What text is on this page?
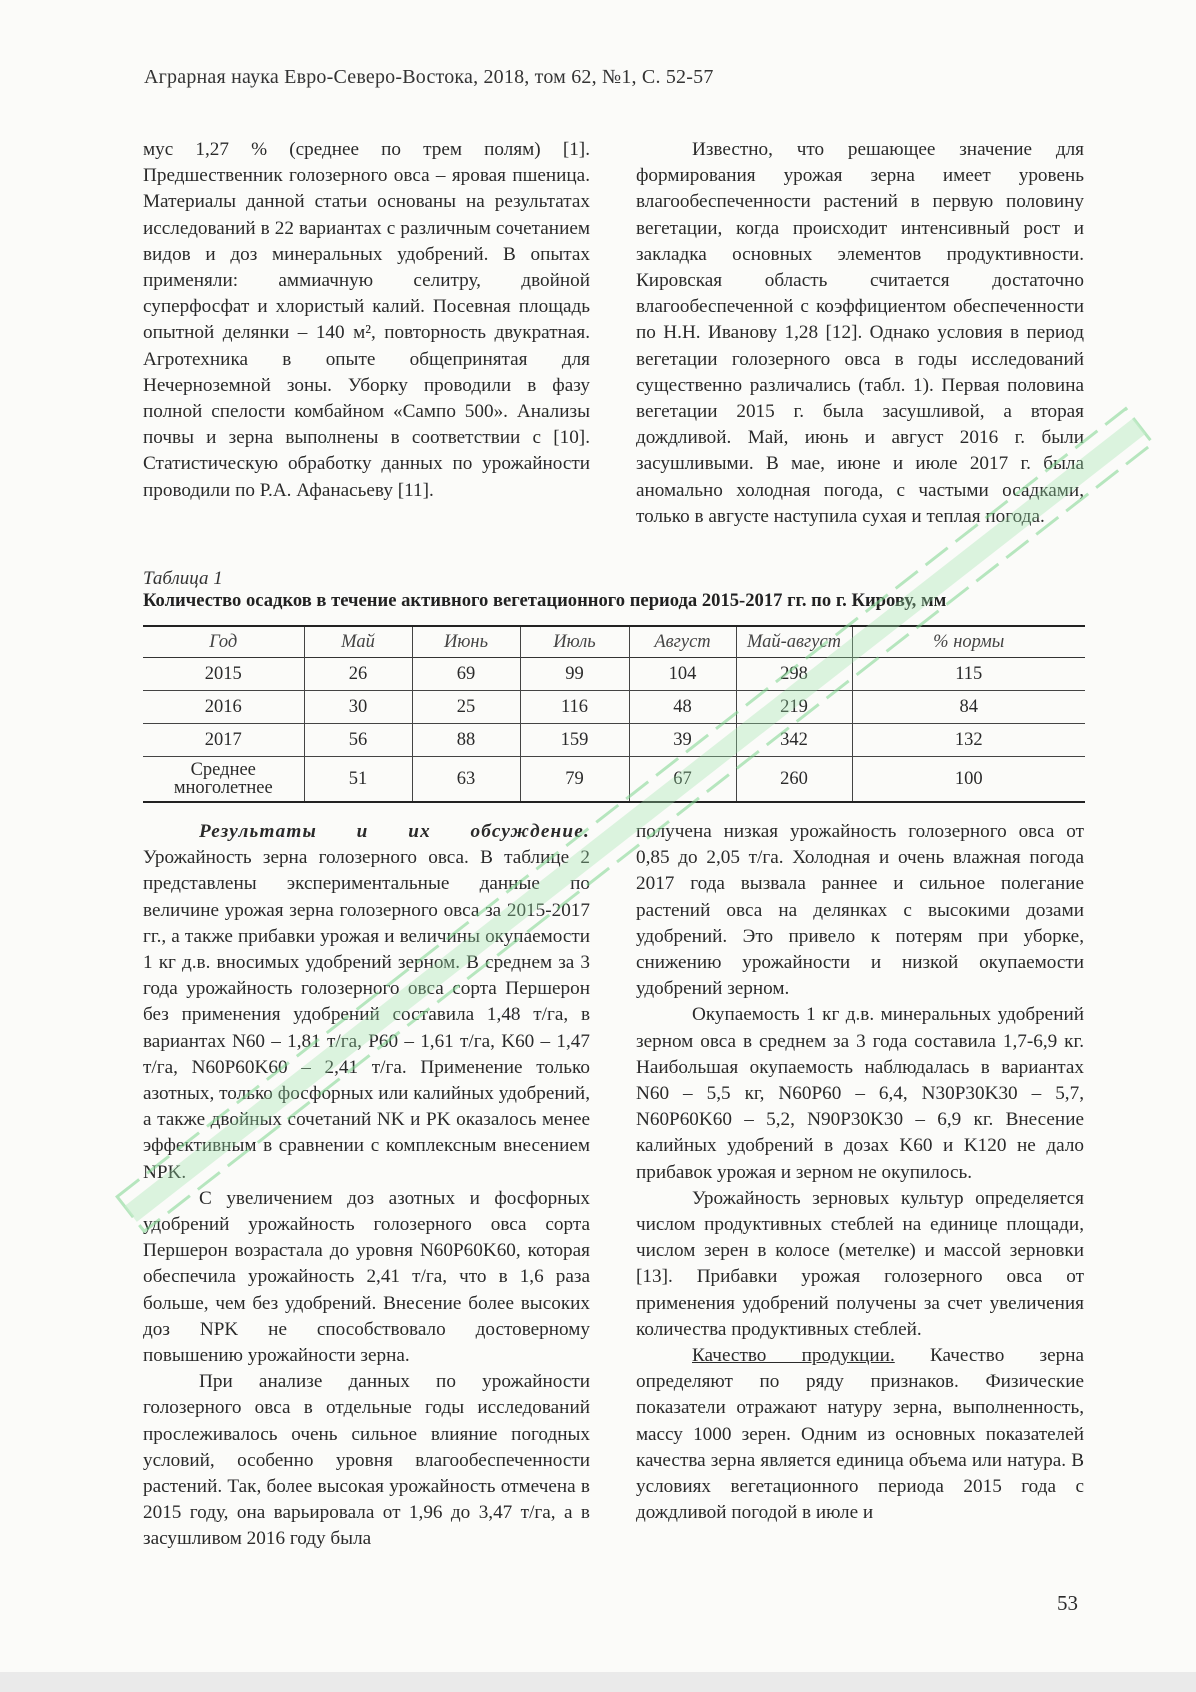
Аграрная наука Евро-Северо-Востока, 2018, том 62, №1, С. 52-57

мус 1,27 % (среднее по трем полям) [1]. Предшественник голозерного овса – яровая пшеница. Материалы данной статьи основаны на результатах исследований в 22 вариантах с различным сочетанием видов и доз минеральных удобрений. В опытах применяли: аммиачную селитру, двойной суперфосфат и хлористый калий. Посевная площадь опытной делянки – 140 м², повторность двукратная. Агротехника в опыте общепринятая для Нечерноземной зоны. Уборку проводили в фазу полной спелости комбайном «Сампо 500». Анализы почвы и зерна выполнены в соответствии с [10]. Статистическую обработку данных по урожайности проводили по Р.А. Афанасьеву [11].

Известно, что решающее значение для формирования урожая зерна имеет уровень влагообеспеченности растений в первую половину вегетации, когда происходит интенсивный рост и закладка основных элементов продуктивности. Кировская область считается достаточно влагообеспеченной с коэффициентом обеспеченности по Н.Н. Иванову 1,28 [12]. Однако условия в период вегетации голозерного овса в годы исследований существенно различались (табл. 1). Первая половина вегетации 2015 г. была засушливой, а вторая дождливой. Май, июнь и август 2016 г. были засушливыми. В мае, июне и июле 2017 г. была аномально холодная погода, с частыми осадками, только в августе наступила сухая и теплая погода.

Таблица 1
Количество осадков в течение активного вегетационного периода 2015-2017 гг. по г. Кирову, мм
Год	Май	Июнь	Июль	Август	Май-август	% нормы
2015	26	69	99	104	298	115
2016	30	25	116	48	219	84
2017	56	88	159	39	342	132

Среднее многолетнее	51	63	79	67	260	100

Результаты и их обсуждение. Урожайность зерна голозерного овса. В таблице 2 представлены экспериментальные данные по величине урожая зерна голозерного овса за 2015-2017 гг., а также прибавки урожая и величины окупаемости 1 кг д.в. вносимых удобрений зерном. В среднем за 3 года урожайность голозерного овса сорта Першерон без применения удобрений составила 1,48 т/га, в вариантах N60 – 1,81 т/га, P60 – 1,61 т/га, K60 – 1,47 т/га, N60P60K60 – 2,41 т/га. Применение только азотных, только фосфорных или калийных удобрений, а также двойных сочетаний NK и PK оказалось менее эффективным в сравнении с комплексным внесением NPK.

С увеличением доз азотных и фосфорных удобрений урожайность голозерного овса сорта Першерон возрастала до уровня N60P60K60, которая обеспечила урожайность 2,41 т/га, что в 1,6 раза больше, чем без удобрений. Внесение более высоких доз NPK не способствовало достоверному повышению урожайности зерна.

При анализе данных по урожайности голозерного овса в отдельные годы исследований прослеживалось очень сильное влияние погодных условий, особенно уровня влагообеспеченности растений. Так, более высокая урожайность отмечена в 2015 году, она варьировала от 1,96 до 3,47 т/га, а в засушливом 2016 году была

получена низкая урожайность голозерного овса от 0,85 до 2,05 т/га. Холодная и очень влажная погода 2017 года вызвала раннее и сильное полегание растений овса на делянках с высокими дозами удобрений. Это привело к потерям при уборке, снижению урожайности и низкой окупаемости удобрений зерном.

Окупаемость 1 кг д.в. минеральных удобрений зерном овса в среднем за 3 года составила 1,7-6,9 кг. Наибольшая окупаемость наблюдалась в вариантах N60 – 5,5 кг, N60P60 – 6,4, N30P30K30 – 5,7, N60P60K60 – 5,2, N90P30K30 – 6,9 кг. Внесение калийных удобрений в дозах K60 и K120 не дало прибавок урожая и зерном не окупилось.

Урожайность зерновых культур определяется числом продуктивных стеблей на единице площади, числом зерен в колосе (метелке) и массой зерновки [13]. Прибавки урожая голозерного овса от применения удобрений получены за счет увеличения количества продуктивных стеблей.

Качество продукции. Качество зерна определяют по ряду признаков. Физические показатели отражают натуру зерна, выполненность, массу 1000 зерен. Одним из основных показателей качества зерна является единица объема или натура. В условиях вегетационного периода 2015 года с дождливой погодой в июле и

53
